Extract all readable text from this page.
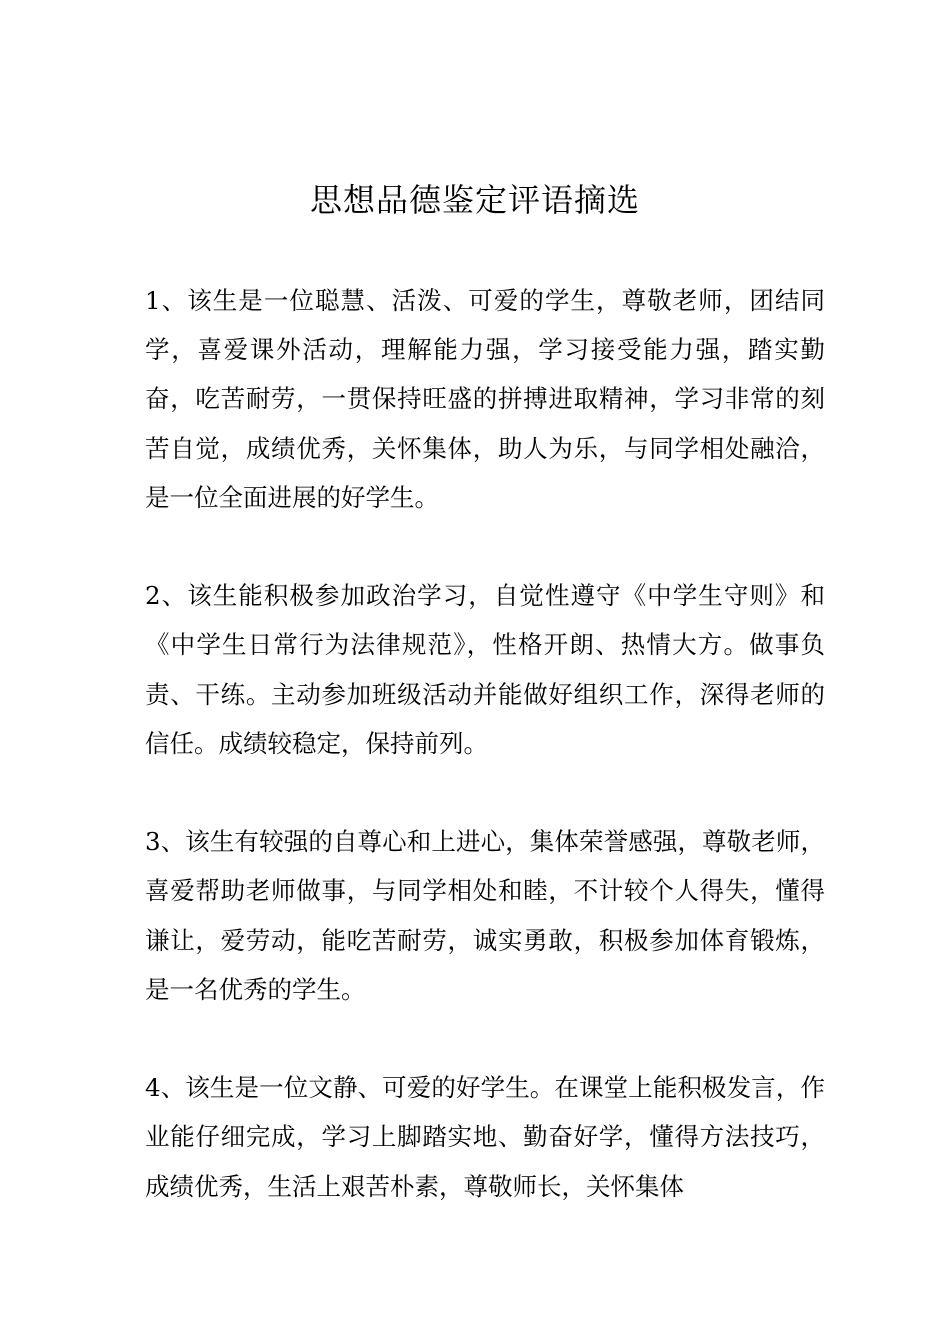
思想品德鉴定评语摘选

1、该生是一位聪慧、活泼、可爱的学生，尊敬老师，团结同学，喜爱课外活动，理解能力强，学习接受能力强，踏实勤奋，吃苦耐劳，一贯保持旺盛的拼搏进取精神，学习非常的刻苦自觉，成绩优秀，关怀集体，助人为乐，与同学相处融洽，是一位全面进展的好学生。

2、该生能积极参加政治学习，自觉性遵守《中学生守则》和《中学生日常行为法律规范》，性格开朗、热情大方。做事负责、干练。主动参加班级活动并能做好组织工作，深得老师的信任。成绩较稳定，保持前列。

3、该生有较强的自尊心和上进心，集体荣誉感强，尊敬老师，喜爱帮助老师做事，与同学相处和睦，不计较个人得失，懂得谦让，爱劳动，能吃苦耐劳，诚实勇敢，积极参加体育锻炼，是一名优秀的学生。

4、该生是一位文静、可爱的好学生。在课堂上能积极发言，作业能仔细完成，学习上脚踏实地、勤奋好学，懂得方法技巧，成绩优秀，生活上艰苦朴素，尊敬师长，关怀集体
